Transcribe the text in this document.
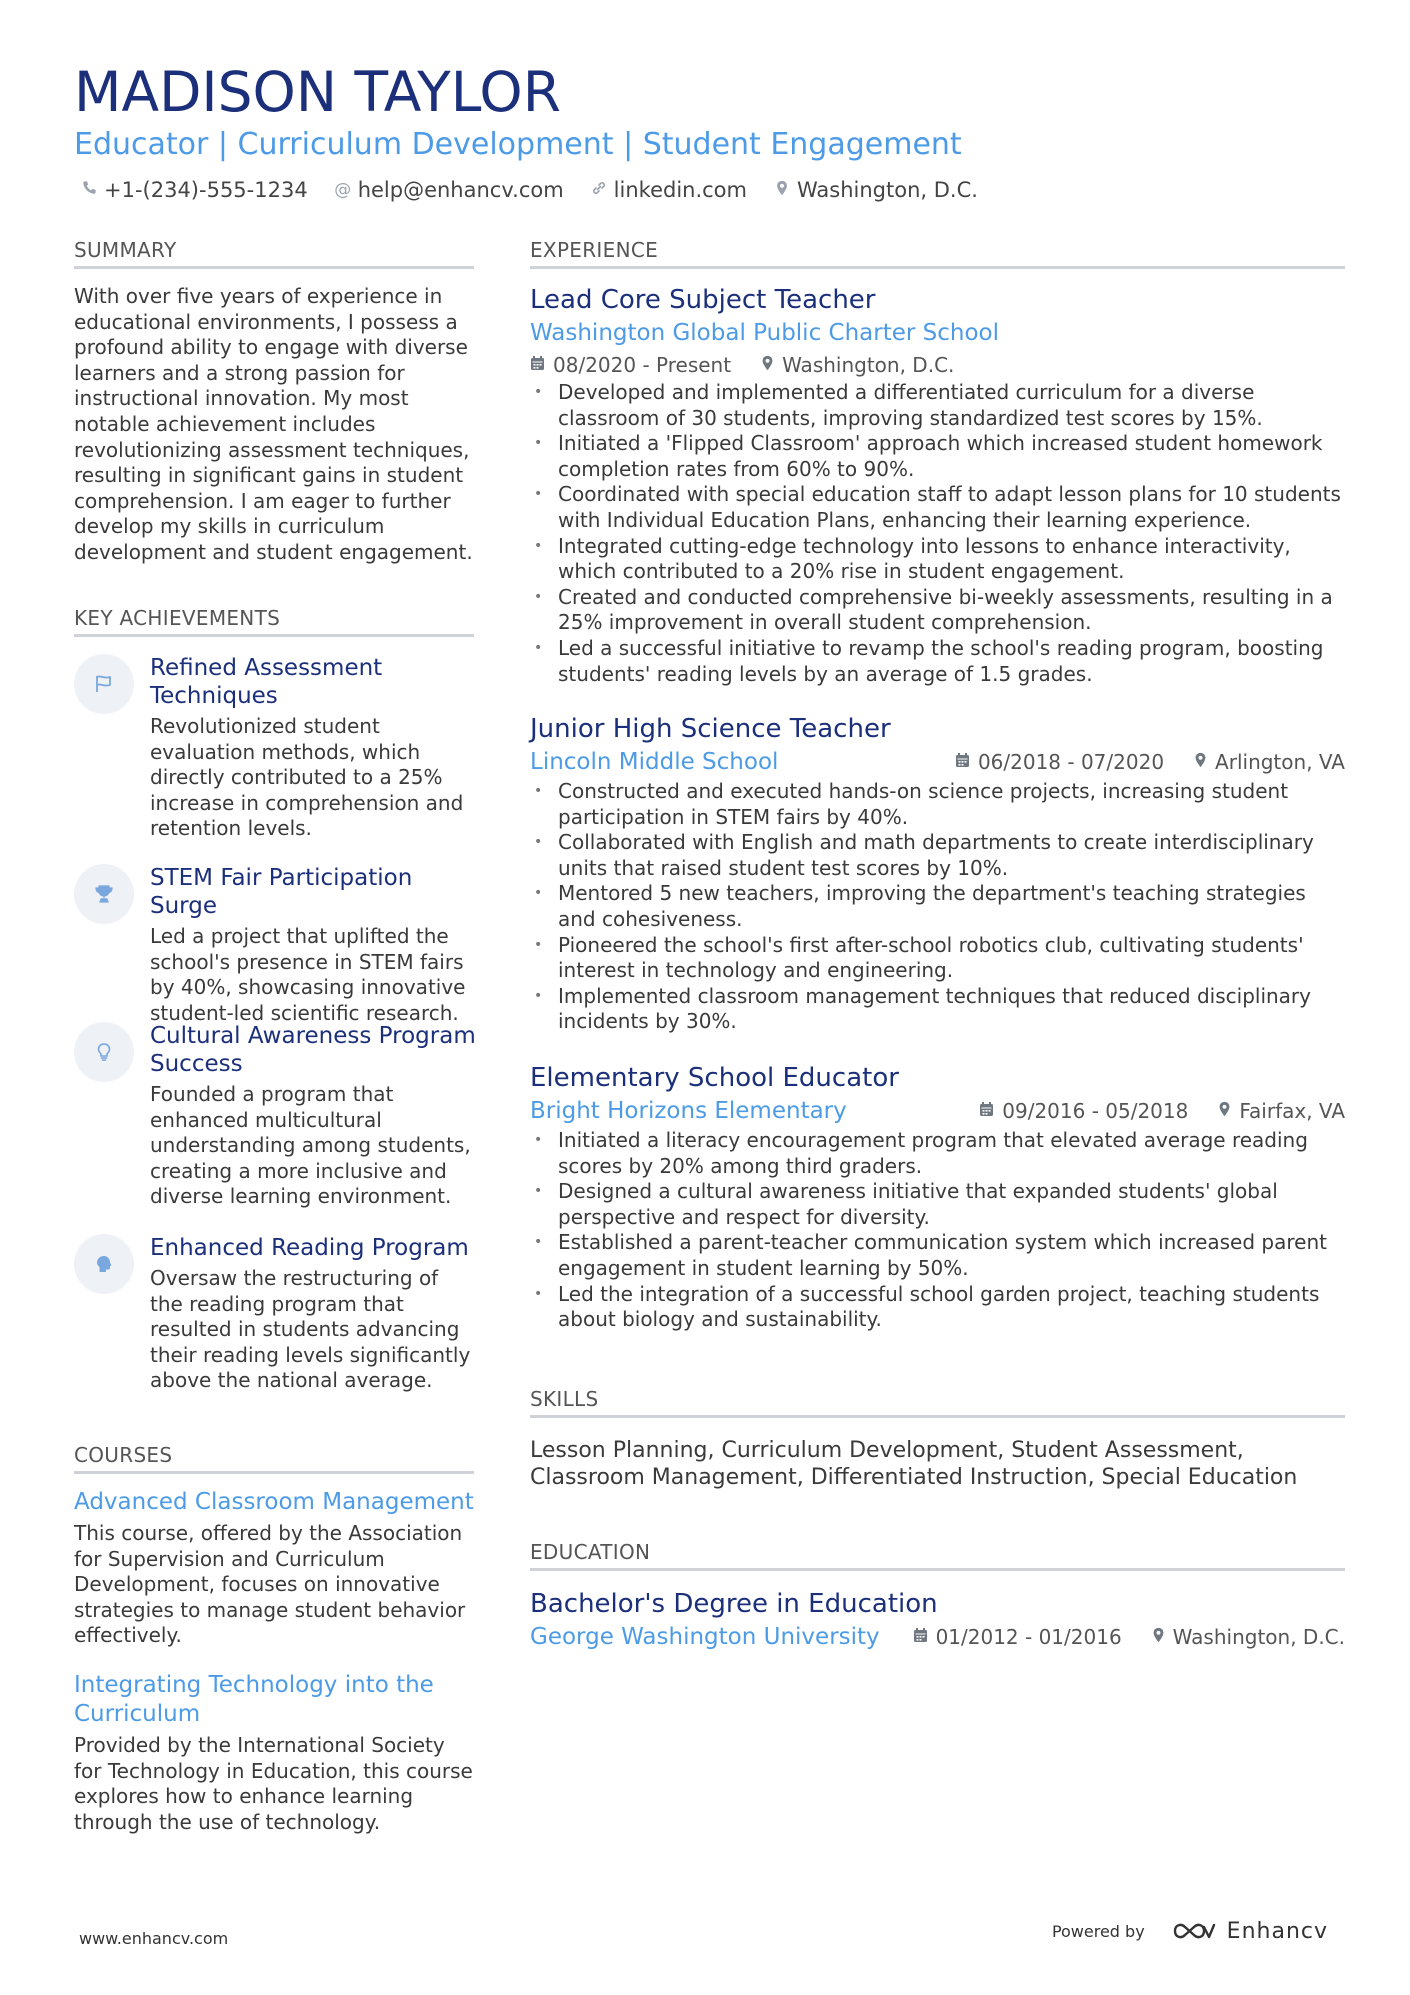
MADISON TAYLOR
Educator | Curriculum Development | Student Engagement
+1-(234)-555-1234 @ help@enhancv.com linkedin.com Washington, D.C.
SUMMARY
With over five years of experience in educational environments, I possess a profound ability to engage with diverse learners and a strong passion for instructional innovation. My most notable achievement includes revolutionizing assessment techniques, resulting in significant gains in student comprehension. I am eager to further develop my skills in curriculum development and student engagement.
KEY ACHIEVEMENTS
Refined Assessment Techniques
Revolutionized student evaluation methods, which directly contributed to a 25% increase in comprehension and retention levels.
STEM Fair Participation Surge
Led a project that uplifted the school's presence in STEM fairs by 40%, showcasing innovative student-led scientific research.
Cultural Awareness Program Success
Founded a program that enhanced multicultural understanding among students, creating a more inclusive and diverse learning environment.
Enhanced Reading Program
Oversaw the restructuring of the reading program that resulted in students advancing their reading levels significantly above the national average.
COURSES
Advanced Classroom Management
This course, offered by the Association for Supervision and Curriculum Development, focuses on innovative strategies to manage student behavior effectively.
Integrating Technology into the Curriculum
Provided by the International Society for Technology in Education, this course explores how to enhance learning through the use of technology.
EXPERIENCE
Lead Core Subject Teacher
Washington Global Public Charter School
08/2020 - Present	Washington, D.C.
• Developed and implemented a differentiated curriculum for a diverse classroom of 30 students, improving standardized test scores by 15%.
• Initiated a 'Flipped Classroom' approach which increased student homework completion rates from 60% to 90%.
• Coordinated with special education staff to adapt lesson plans for 10 students with Individual Education Plans, enhancing their learning experience.
• Integrated cutting-edge technology into lessons to enhance interactivity, which contributed to a 20% rise in student engagement.
• Created and conducted comprehensive bi-weekly assessments, resulting in a 25% improvement in overall student comprehension.
• Led a successful initiative to revamp the school's reading program, boosting students' reading levels by an average of 1.5 grades.
Junior High Science Teacher
Lincoln Middle School	06/2018 - 07/2020	Arlington, VA
• Constructed and executed hands-on science projects, increasing student participation in STEM fairs by 40%.
• Collaborated with English and math departments to create interdisciplinary units that raised student test scores by 10%.
• Mentored 5 new teachers, improving the department's teaching strategies and cohesiveness.
• Pioneered the school's first after-school robotics club, cultivating students' interest in technology and engineering.
• Implemented classroom management techniques that reduced disciplinary incidents by 30%.
Elementary School Educator
Bright Horizons Elementary	09/2016 - 05/2018	Fairfax, VA
• Initiated a literacy encouragement program that elevated average reading scores by 20% among third graders.
• Designed a cultural awareness initiative that expanded students' global perspective and respect for diversity.
• Established a parent-teacher communication system which increased parent engagement in student learning by 50%.
• Led the integration of a successful school garden project, teaching students about biology and sustainability.
SKILLS
Lesson Planning, Curriculum Development, Student Assessment, Classroom Management, Differentiated Instruction, Special Education
EDUCATION
Bachelor's Degree in Education
George Washington University	01/2012 - 01/2016	Washington, D.C.
www.enhancv.com	Powered by	Enhancv
